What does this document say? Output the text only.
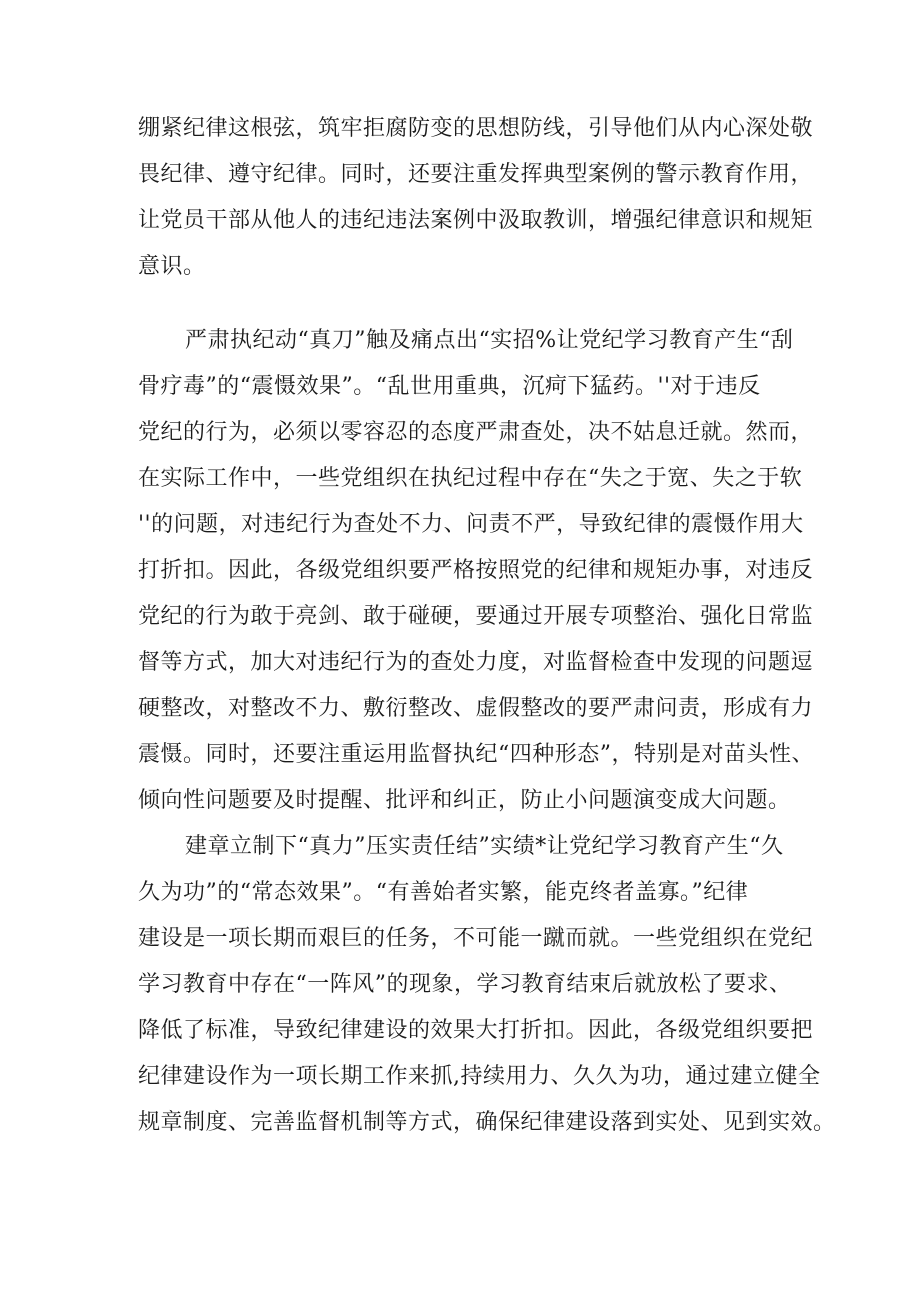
绷紧纪律这根弦，筑牢拒腐防变的思想防线，引导他们从内心深处敬
畏纪律、遵守纪律。同时，还要注重发挥典型案例的警示教育作用，
让党员干部从他人的违纪违法案例中汲取教训，增强纪律意识和规矩
意识。
严肃执纪动“真刀”触及痛点出“实招%让党纪学习教育产生“刮
骨疗毒”的“震慑效果”。“乱世用重典，沉疴下猛药。''对于违反
党纪的行为，必须以零容忍的态度严肃查处，决不姑息迁就。然而，
在实际工作中，一些党组织在执纪过程中存在“失之于宽、失之于软
''的问题，对违纪行为查处不力、问责不严，导致纪律的震慑作用大
打折扣。因此，各级党组织要严格按照党的纪律和规矩办事，对违反
党纪的行为敢于亮剑、敢于碰硬，要通过开展专项整治、强化日常监
督等方式，加大对违纪行为的查处力度，对监督检查中发现的问题逗
硬整改，对整改不力、敷衍整改、虚假整改的要严肃问责，形成有力
震慑。同时，还要注重运用监督执纪“四种形态”，特别是对苗头性、
倾向性问题要及时提醒、批评和纠正，防止小问题演变成大问题。
建章立制下“真力”压实责任结”实绩*让党纪学习教育产生“久
久为功”的“常态效果”。“有善始者实繁，能克终者盖寡。”纪律
建设是一项长期而艰巨的任务，不可能一蹴而就。一些党组织在党纪
学习教育中存在“一阵风”的现象，学习教育结束后就放松了要求、
降低了标准，导致纪律建设的效果大打折扣。因此，各级党组织要把
纪律建设作为一项长期工作来抓,持续用力、久久为功，通过建立健全
规章制度、完善监督机制等方式，确保纪律建设落到实处、见到实效。
